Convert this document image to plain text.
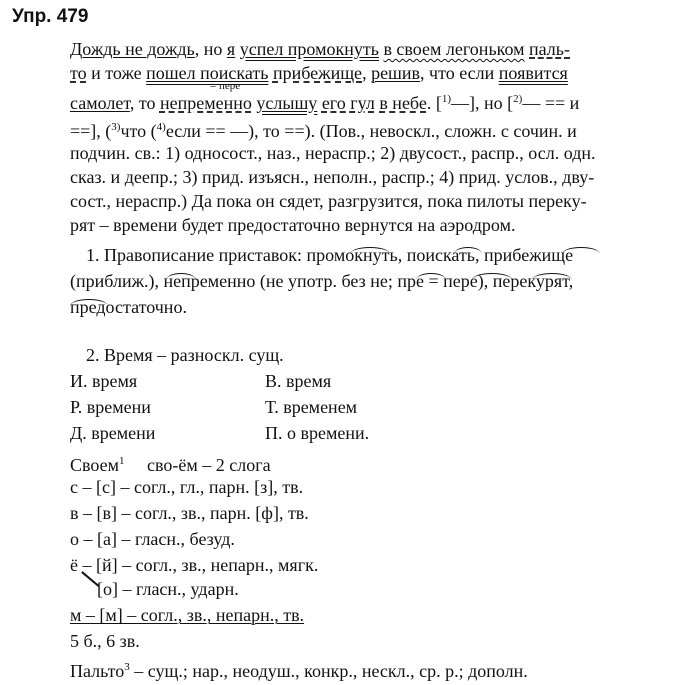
Упр. 479
Дождь не дождь, но я успел промокнуть в своем легоньком паль-
то и тоже пошел поискать прибежище, решив, что если появится
= пере
самолет, то непременно услышу его гул в небе. [$^{1)}$—], но [$^{2)}$— == и
==], ($^{3)}$что ($^{4)}$если == —), то ==). (Пов., невоскл., сложн. с сочин. и
подчин. св.: 1) односост., наз., нераспр.; 2) двусост., распр., осл. одн.
сказ. и деепр.; 3) прид. изъясн., неполн., распр.; 4) прид. услов., дву-
сост., нераспр.) Да пока он сядет, разгрузится, пока пилоты переку-
рят – времени будет предостаточно вернутся на аэродром.
1. Правописание приставок: промокнуть, поискать, прибежище
(приближ.), непременно (не употр. без не; пре = пере), перекурят,
предостаточно.
2. Время – разноскл. сущ.
И. время	В. время
Р. времени	Т. временем
Д. времени	П. о времени.
Своем$^1$     сво-ём – 2 слога
с – [с] – согл., гл., парн. [з], тв.
в – [в] – согл., зв., парн. [ф], тв.
о – [а] – гласн., безуд.
ё – [й] – согл., зв., непарн., мягк.
[о] – гласн., ударн.
м – [м] – согл., зв., непарн., тв.
5 б., 6 зв.
Пальто$^3$ – сущ.; нар., неодуш., конкр., нескл., ср. р.; дополн.
